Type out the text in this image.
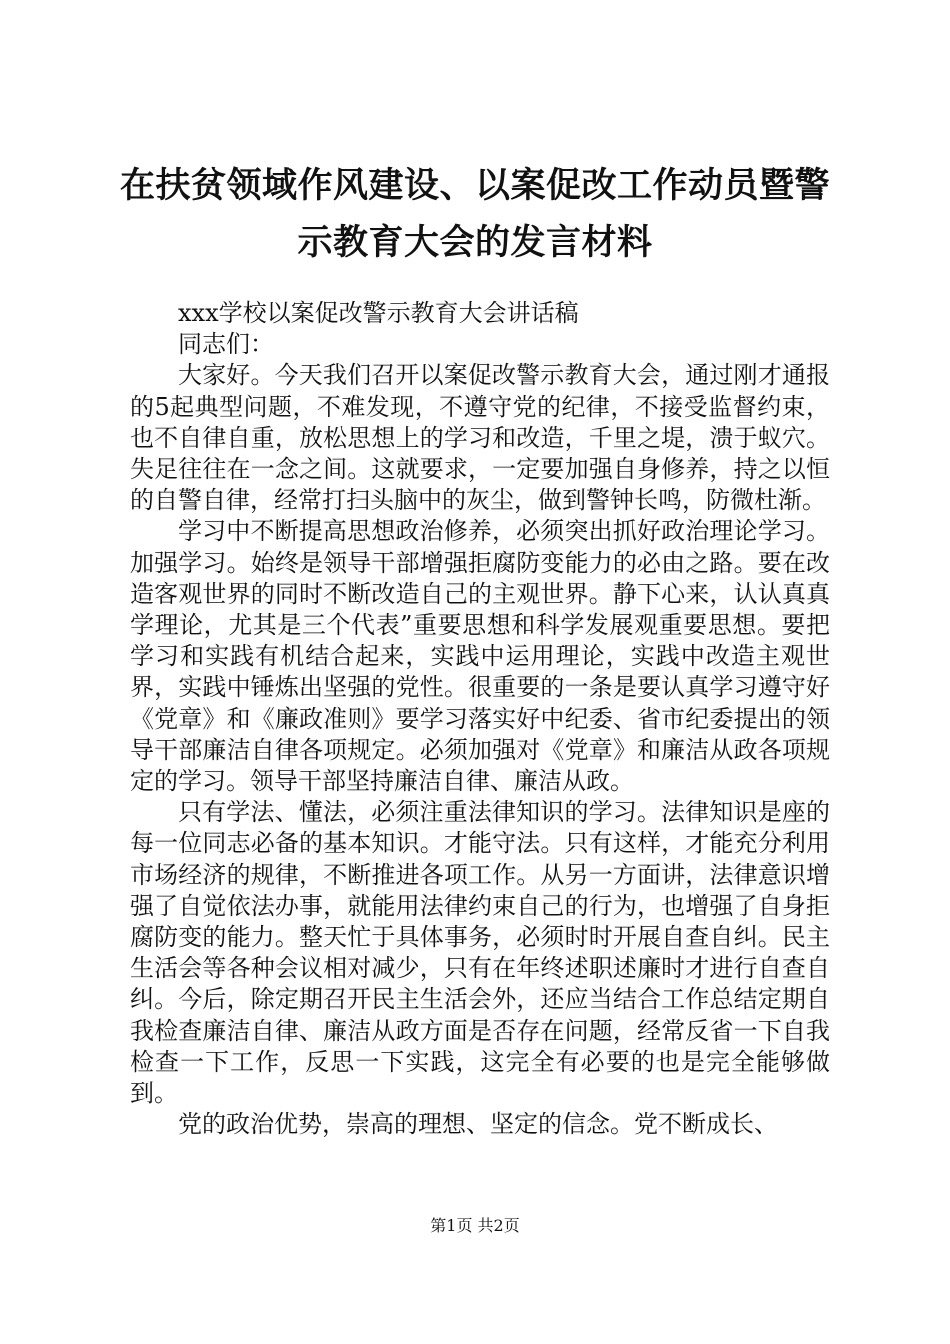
在扶贫领域作风建设、以案促改工作动员暨警示教育大会的发言材料

xxx学校以案促改警示教育大会讲话稿

同志们：

大家好。今天我们召开以案促改警示教育大会，通过刚才通报的5起典型问题，不难发现，不遵守党的纪律，不接受监督约束，也不自律自重，放松思想上的学习和改造，千里之堤，溃于蚁穴。失足往往在一念之间。这就要求，一定要加强自身修养，持之以恒的自警自律，经常打扫头脑中的灰尘，做到警钟长鸣，防微杜渐。

学习中不断提高思想政治修养，必须突出抓好政治理论学习。加强学习。始终是领导干部增强拒腐防变能力的必由之路。要在改造客观世界的同时不断改造自己的主观世界。静下心来，认认真真学理论，尤其是三个代表”重要思想和科学发展观重要思想。要把学习和实践有机结合起来，实践中运用理论，实践中改造主观世界，实践中锤炼出坚强的党性。很重要的一条是要认真学习遵守好《党章》和《廉政准则》要学习落实好中纪委、省市纪委提出的领导干部廉洁自律各项规定。必须加强对《党章》和廉洁从政各项规定的学习。领导干部坚持廉洁自律、廉洁从政。

只有学法、懂法，必须注重法律知识的学习。法律知识是座的每一位同志必备的基本知识。才能守法。只有这样，才能充分利用市场经济的规律，不断推进各项工作。从另一方面讲，法律意识增强了自觉依法办事，就能用法律约束自己的行为，也增强了自身拒腐防变的能力。整天忙于具体事务，必须时时开展自查自纠。民主生活会等各种会议相对减少，只有在年终述职述廉时才进行自查自纠。今后，除定期召开民主生活会外，还应当结合工作总结定期自我检查廉洁自律、廉洁从政方面是否存在问题，经常反省一下自我检查一下工作，反思一下实践，这完全有必要的也是完全能够做到。

党的政治优势，崇高的理想、坚定的信念。党不断成长、

第1页 共2页
